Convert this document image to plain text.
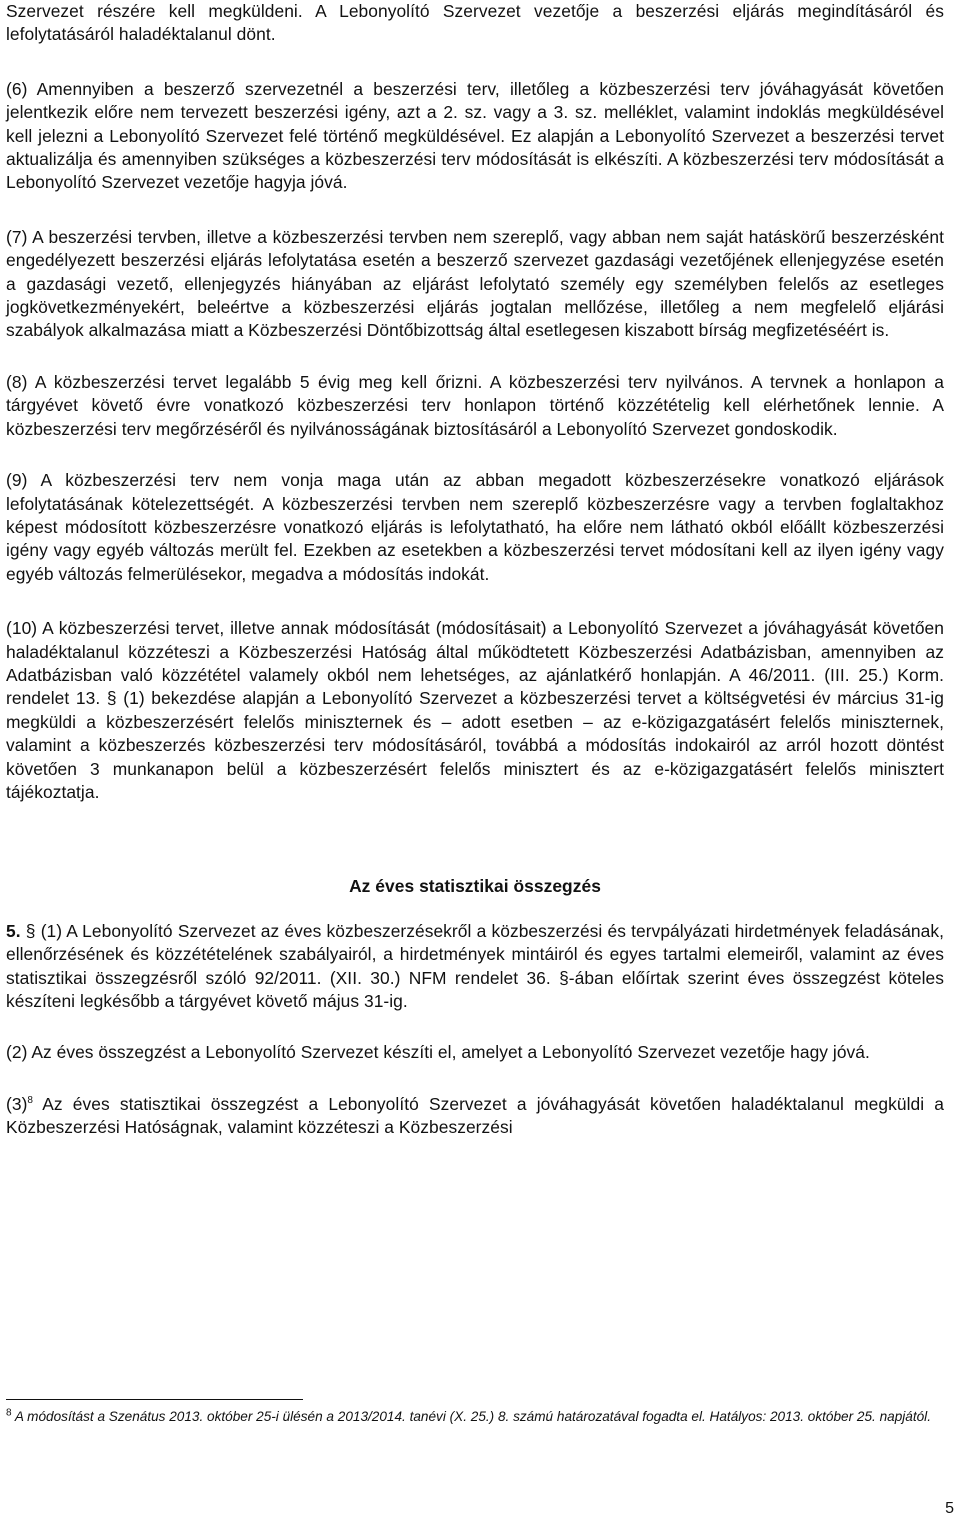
Szervezet részére kell megküldeni. A Lebonyolító Szervezet vezetője a beszerzési eljárás megindításáról és lefolytatásáról haladéktalanul dönt.

(6) Amennyiben a beszerző szervezetnél a beszerzési terv, illetőleg a közbeszerzési terv jóváhagyását követően jelentkezik előre nem tervezett beszerzési igény, azt a 2. sz. vagy a 3. sz. melléklet, valamint indoklás megküldésével kell jelezni a Lebonyolító Szervezet felé történő megküldésével. Ez alapján a Lebonyolító Szervezet a beszerzési tervet aktualizálja és amennyiben szükséges a közbeszerzési terv módosítását is elkészíti. A közbeszerzési terv módosítását a Lebonyolító Szervezet vezetője hagyja jóvá.

(7) A beszerzési tervben, illetve a közbeszerzési tervben nem szereplő, vagy abban nem saját hatáskörű beszerzésként engedélyezett beszerzési eljárás lefolytatása esetén a beszerző szervezet gazdasági vezetőjének ellenjegyzése esetén a gazdasági vezető, ellenjegyzés hiányában az eljárást lefolytató személy egy személyben felelős az esetleges jogkövetkezményekért, beleértve a közbeszerzési eljárás jogtalan mellőzése, illetőleg a nem megfelelő eljárási szabályok alkalmazása miatt a Közbeszerzési Döntőbizottság által esetlegesen kiszabott bírság megfizetéséért is.

(8) A közbeszerzési tervet legalább 5 évig meg kell őrizni. A közbeszerzési terv nyilvános. A tervnek a honlapon a tárgyévet követő évre vonatkozó közbeszerzési terv honlapon történő közzétételig kell elérhetőnek lennie. A közbeszerzési terv megőrzéséről és nyilvánosságának biztosításáról a Lebonyolító Szervezet gondoskodik.

(9) A közbeszerzési terv nem vonja maga után az abban megadott közbeszerzésekre vonatkozó eljárások lefolytatásának kötelezettségét. A közbeszerzési tervben nem szereplő közbeszerzésre vagy a tervben foglaltakhoz képest módosított közbeszerzésre vonatkozó eljárás is lefolytatható, ha előre nem látható okból előállt közbeszerzési igény vagy egyéb változás merült fel. Ezekben az esetekben a közbeszerzési tervet módosítani kell az ilyen igény vagy egyéb változás felmerülésekor, megadva a módosítás indokát.

(10) A közbeszerzési tervet, illetve annak módosítását (módosításait) a Lebonyolító Szervezet a jóváhagyását követően haladéktalanul közzéteszi a Közbeszerzési Hatóság által működtetett Közbeszerzési Adatbázisban, amennyiben az Adatbázisban való közzététel valamely okból nem lehetséges, az ajánlatkérő honlapján. A 46/2011. (III. 25.) Korm. rendelet 13. § (1) bekezdése alapján a Lebonyolító Szervezet a közbeszerzési tervet a költségvetési év március 31-ig megküldi a közbeszerzésért felelős miniszternek és – adott esetben – az e-közigazgatásért felelős miniszternek, valamint a közbeszerzés közbeszerzési terv módosításáról, továbbá a módosítás indokairól az arról hozott döntést követően 3 munkanapon belül a közbeszerzésért felelős minisztert és az e-közigazgatásért felelős minisztert tájékoztatja.

Az éves statisztikai összegzés

5. § (1) A Lebonyolító Szervezet az éves közbeszerzésekről a közbeszerzési és tervpályázati hirdetmények feladásának, ellenőrzésének és közzétételének szabályairól, a hirdetmények mintáiról és egyes tartalmi elemeiről, valamint az éves statisztikai összegzésről szóló 92/2011. (XII. 30.) NFM rendelet 36. §-ában előírtak szerint éves összegzést köteles készíteni legkésőbb a tárgyévet követő május 31-ig.

(2) Az éves összegzést a Lebonyolító Szervezet készíti el, amelyet a Lebonyolító Szervezet vezetője hagy jóvá.

(3)$^8$ Az éves statisztikai összegzést a Lebonyolító Szervezet a jóváhagyását követően haladéktalanul megküldi a Közbeszerzési Hatóságnak, valamint közzéteszi a Közbeszerzési

$^8$ A módosítást a Szenátus 2013. október 25-i ülésén a 2013/2014. tanévi (X. 25.) 8. számú határozatával fogadta el. Hatályos: 2013. október 25. napjától.
5
